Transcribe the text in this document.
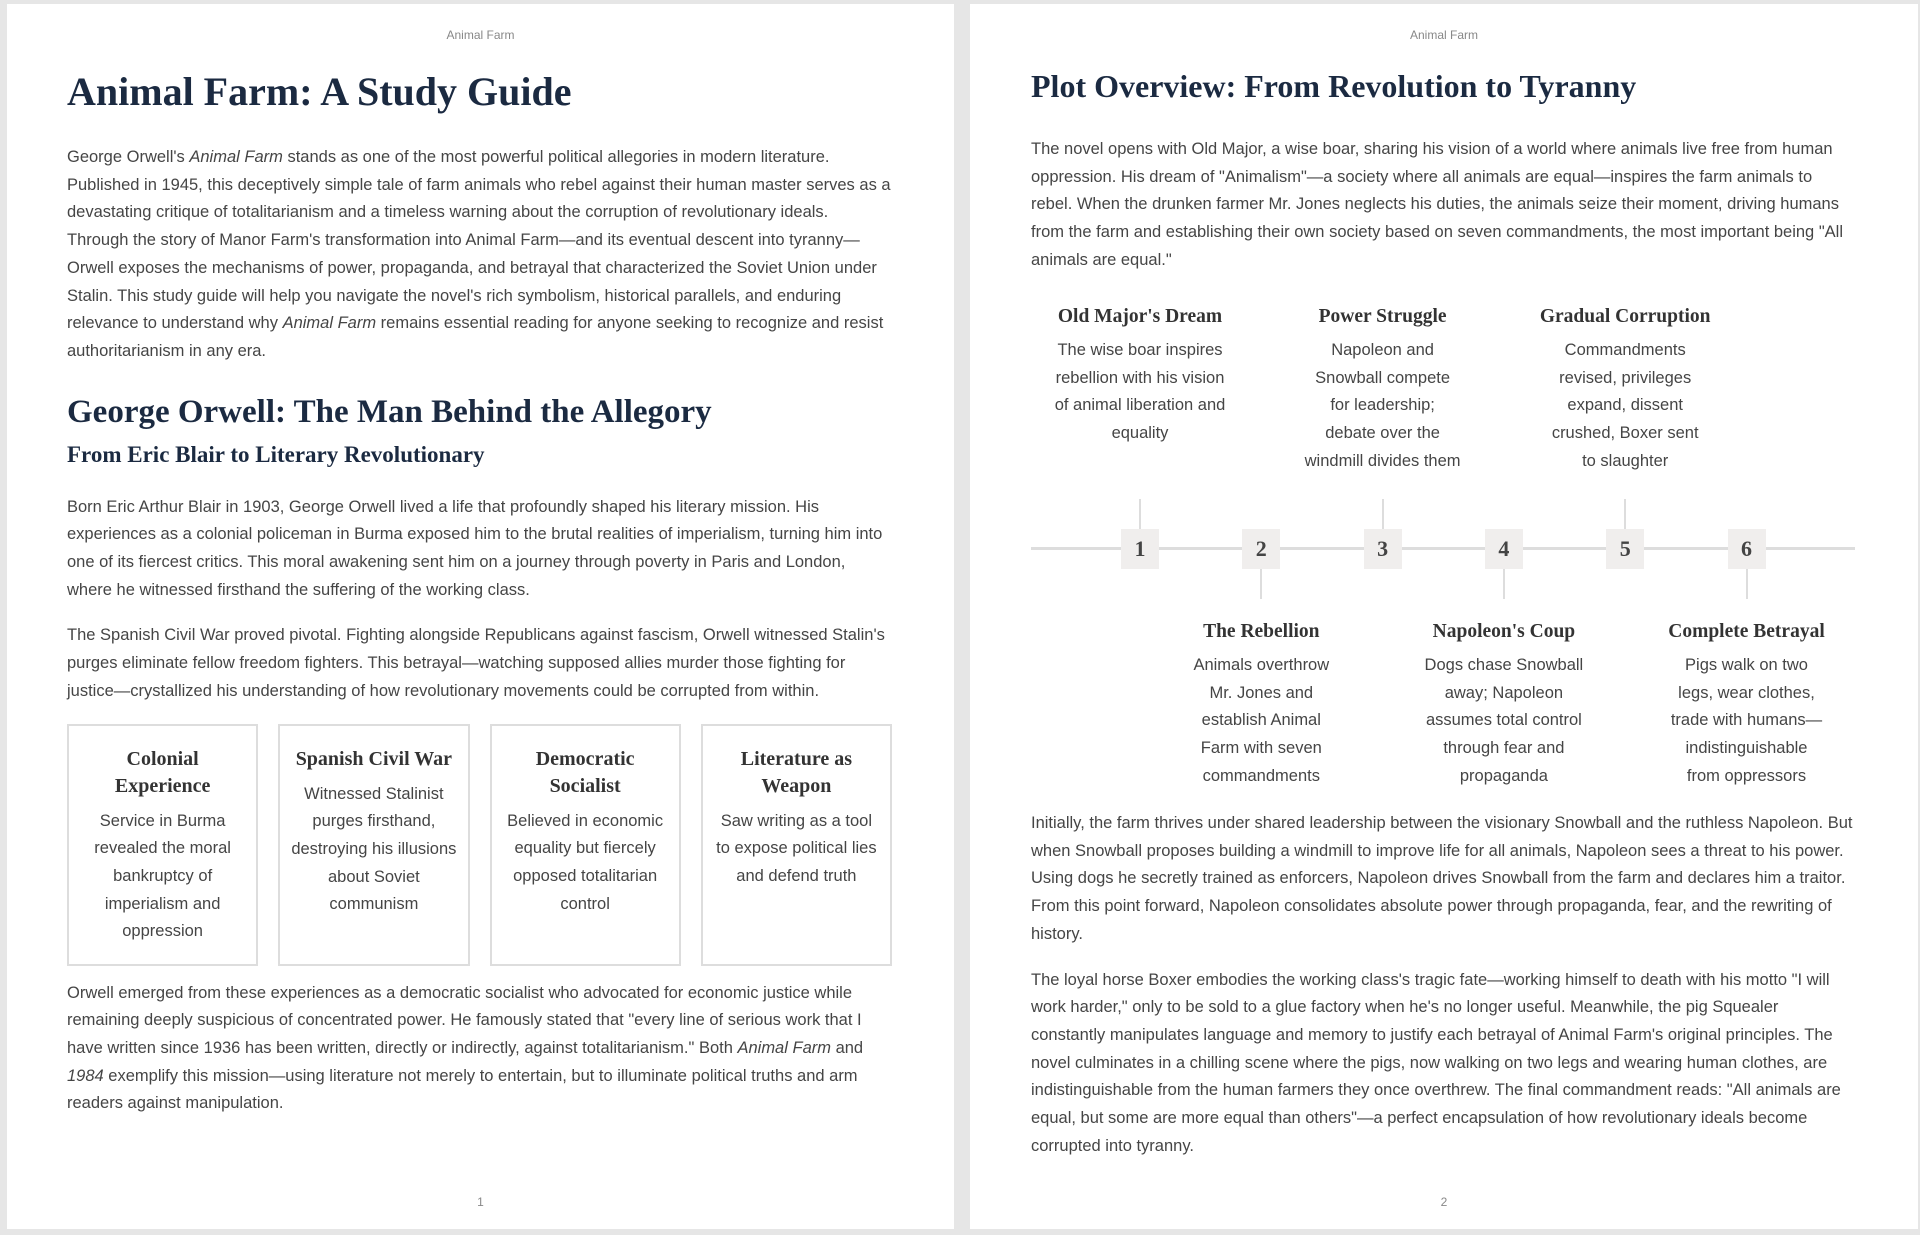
Animal Farm
Animal Farm: A Study Guide

George Orwell's Animal Farm stands as one of the most powerful political allegories in modern literature. Published in 1945, this deceptively simple tale of farm animals who rebel against their human master serves as a devastating critique of totalitarianism and a timeless warning about the corruption of revolutionary ideals. Through the story of Manor Farm's transformation into Animal Farm—and its eventual descent into tyranny—Orwell exposes the mechanisms of power, propaganda, and betrayal that characterized the Soviet Union under Stalin. This study guide will help you navigate the novel's rich symbolism, historical parallels, and enduring relevance to understand why Animal Farm remains essential reading for anyone seeking to recognize and resist authoritarianism in any era.

George Orwell: The Man Behind the Allegory
From Eric Blair to Literary Revolutionary

Born Eric Arthur Blair in 1903, George Orwell lived a life that profoundly shaped his literary mission. His experiences as a colonial policeman in Burma exposed him to the brutal realities of imperialism, turning him into one of its fiercest critics. This moral awakening sent him on a journey through poverty in Paris and London, where he witnessed firsthand the suffering of the working class.

The Spanish Civil War proved pivotal. Fighting alongside Republicans against fascism, Orwell witnessed Stalin's purges eliminate fellow freedom fighters. This betrayal—watching supposed allies murder those fighting for justice—crystallized his understanding of how revolutionary movements could be corrupted from within.

Colonial Experience

Service in Burma revealed the moral bankruptcy of imperialism and oppression

Spanish Civil War

Witnessed Stalinist purges firsthand, destroying his illusions about Soviet communism

Democratic Socialist

Believed in economic equality but fiercely opposed totalitarian control

Literature as Weapon

Saw writing as a tool to expose political lies and defend truth

Orwell emerged from these experiences as a democratic socialist who advocated for economic justice while remaining deeply suspicious of concentrated power. He famously stated that "every line of serious work that I have written since 1936 has been written, directly or indirectly, against totalitarianism." Both Animal Farm and 1984 exemplify this mission—using literature not merely to entertain, but to illuminate political truths and arm readers against manipulation.

1
Animal Farm
Plot Overview: From Revolution to Tyranny

The novel opens with Old Major, a wise boar, sharing his vision of a world where animals live free from human oppression. His dream of "Animalism"—a society where all animals are equal—inspires the farm animals to rebel. When the drunken farmer Mr. Jones neglects his duties, the animals seize their moment, driving humans from the farm and establishing their own society based on seven commandments, the most important being "All animals are equal."

1
Old Major's Dream

The wise boar inspires rebellion with his vision of animal liberation and equality

2
The Rebellion

Animals overthrow Mr. Jones and establish Animal Farm with seven commandments

3
Power Struggle

Napoleon and Snowball compete for leadership; debate over the windmill divides them

4
Napoleon's Coup

Dogs chase Snowball away; Napoleon assumes total control through fear and propaganda

5
Gradual Corruption

Commandments revised, privileges expand, dissent crushed, Boxer sent to slaughter

6
Complete Betrayal

Pigs walk on two legs, wear clothes, trade with humans—indistinguishable from oppressors

Initially, the farm thrives under shared leadership between the visionary Snowball and the ruthless Napoleon. But when Snowball proposes building a windmill to improve life for all animals, Napoleon sees a threat to his power. Using dogs he secretly trained as enforcers, Napoleon drives Snowball from the farm and declares him a traitor. From this point forward, Napoleon consolidates absolute power through propaganda, fear, and the rewriting of history.

The loyal horse Boxer embodies the working class's tragic fate—working himself to death with his motto "I will work harder," only to be sold to a glue factory when he's no longer useful. Meanwhile, the pig Squealer constantly manipulates language and memory to justify each betrayal of Animal Farm's original principles. The novel culminates in a chilling scene where the pigs, now walking on two legs and wearing human clothes, are indistinguishable from the human farmers they once overthrew. The final commandment reads: "All animals are equal, but some are more equal than others"—a perfect encapsulation of how revolutionary ideals become corrupted into tyranny.

2
